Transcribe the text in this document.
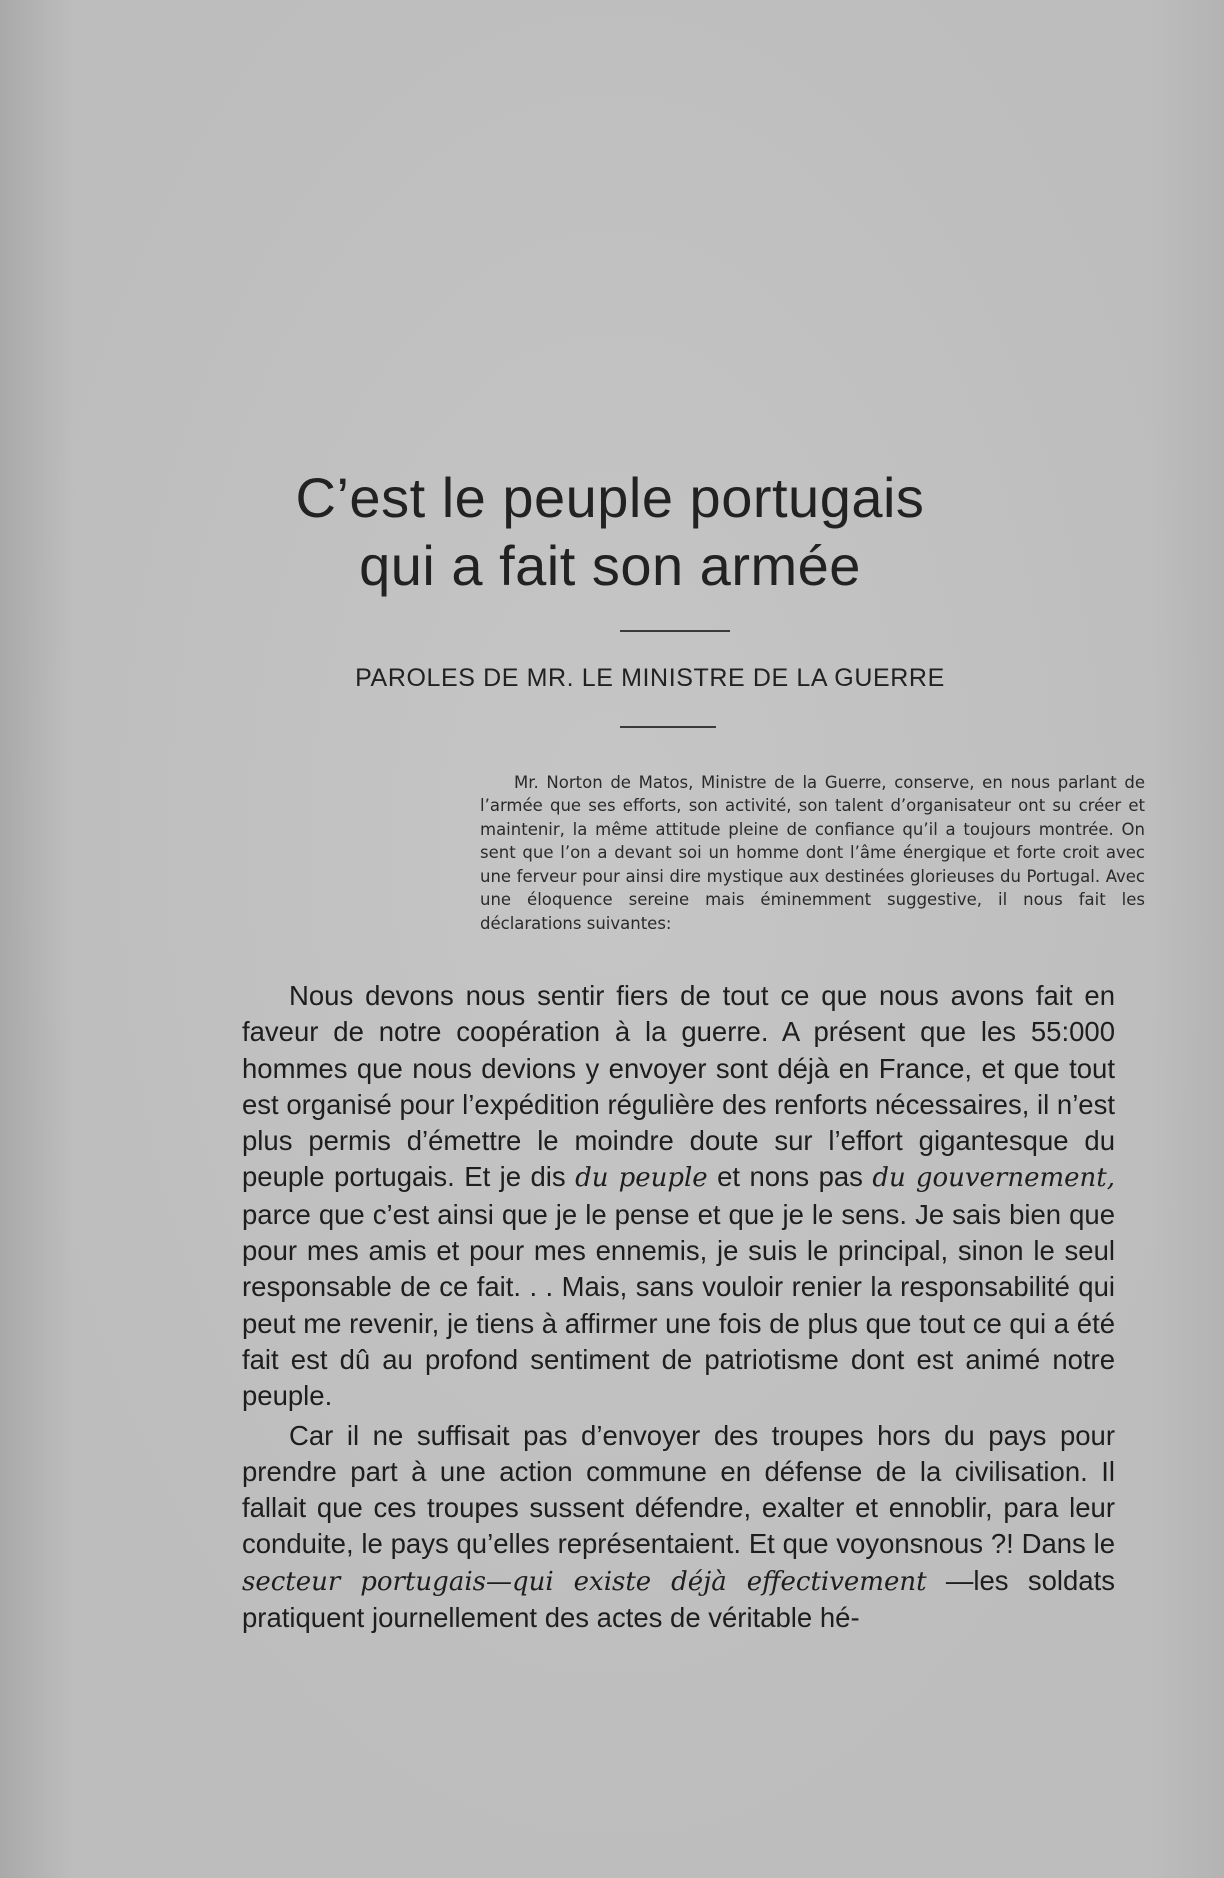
C’est le peuple portugais
qui a fait son armée
PAROLES DE MR. LE MINISTRE DE LA GUERRE

Mr. Norton de Matos, Ministre de la Guerre, conserve, en nous parlant de l’armée que ses efforts, son activité, son talent d’organisateur ont su créer et maintenir, la même attitude pleine de confiance qu’il a toujours montrée. On sent que l’on a devant soi un homme dont l’âme énergique et forte croit avec une ferveur pour ainsi dire mystique aux destinées glorieuses du Portugal. Avec une éloquence sereine mais éminemment suggestive, il nous fait les déclarations suivantes:

Nous devons nous sentir fiers de tout ce que nous avons fait en faveur de notre coopération à la guerre. A présent que les 55:000 hommes que nous devions y envoyer sont déjà en France, et que tout est organisé pour l’expédition régulière des renforts nécessaires, il n’est plus permis d’émettre le moindre doute sur l’effort gigantesque du peuple portugais. Et je dis du peuple et nons pas du gouvernement, parce que c’est ainsi que je le pense et que je le sens. Je sais bien que pour mes amis et pour mes ennemis, je suis le principal, sinon le seul responsable de ce fait. . . Mais, sans vouloir renier la responsabilité qui peut me revenir, je tiens à affirmer une fois de plus que tout ce qui a été fait est dû au profond sentiment de patriotisme dont est animé notre peuple.

Car il ne suffisait pas d’envoyer des troupes hors du pays pour prendre part à une action commune en défense de la civilisation. Il fallait que ces troupes sussent défendre, exalter et ennoblir, para leur conduite, le pays qu’elles représentaient. Et que voyonsnous ?! Dans le secteur portugais—qui existe déjà effectivement —les soldats pratiquent journellement des actes de véritable hé-
